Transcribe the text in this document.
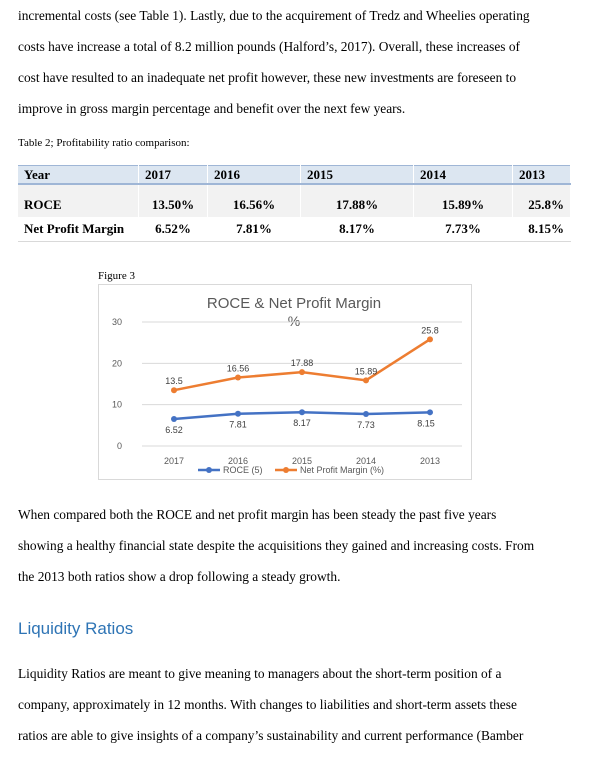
incremental costs (see Table 1). Lastly, due to the acquirement of Tredz and Wheelies operating
costs have increase a total of 8.2 million pounds (Halford’s, 2017). Overall, these increases of
cost have resulted to an inadequate net profit however, these new investments are foreseen to
improve in gross margin percentage and benefit over the next few years.

Table 2; Profitability ratio comparison:

Year	2017	2016	2015	2014	2013

ROCE	13.50%	16.56%	17.88%	15.89%	25.8%
Net Profit Margin	6.52%	7.81%	8.17%	7.73%	8.15%

Figure 3

ROCE & Net Profit Margin
%
0
10
20
30
2017	2016	2015	2014	2013
6.52
7.81	8.17	7.73	8.15
13.5
16.56
17.88
15.89
25.8
ROCE (5)	Net Profit Margin (%)
When compared both the ROCE and net profit margin has been steady the past five years
showing a healthy financial state despite the acquisitions they gained and increasing costs. From
the 2013 both ratios show a drop following a steady growth.
Liquidity Ratios
Liquidity Ratios are meant to give meaning to managers about the short-term position of a
company, approximately in 12 months. With changes to liabilities and short-term assets these
ratios are able to give insights of a company’s sustainability and current performance (Bamber
